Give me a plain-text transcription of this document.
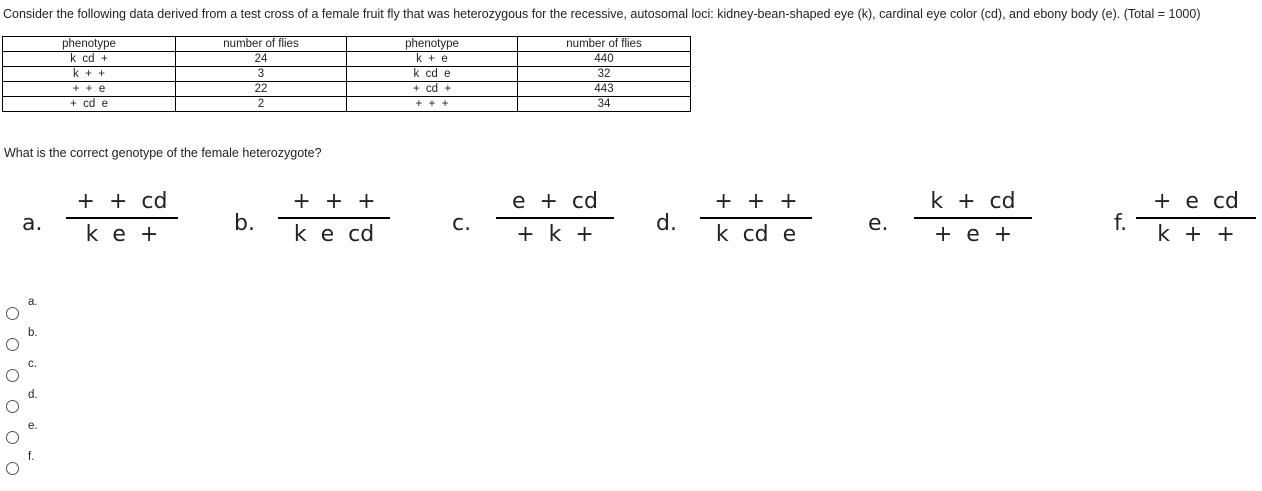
Consider the following data derived from a test cross of a female fruit fly that was heterozygous for the recessive, autosomal loci: kidney-bean-shaped eye (k), cardinal eye color (cd), and ebony body (e). (Total = 1000)
phenotype	number of flies	phenotype	number of flies
k  cd  +	24	k  +  e	440
k  +  +	3	k  cd  e	32
+  +  e	22	+  cd  +	443
+  cd  e	2	+  +  +	34
What is the correct genotype of the female heterozygote?
a.
+  +  cd
k  e  +	b.
+  +  +
k  e  cd	c.
e  +  cd
+  k  +	d.
+  +  +
k  cd  e	e.
k  +  cd
+  e  +	f.
+  e  cd
k  +  +
a.
b.
c.
d.
e.
f.
